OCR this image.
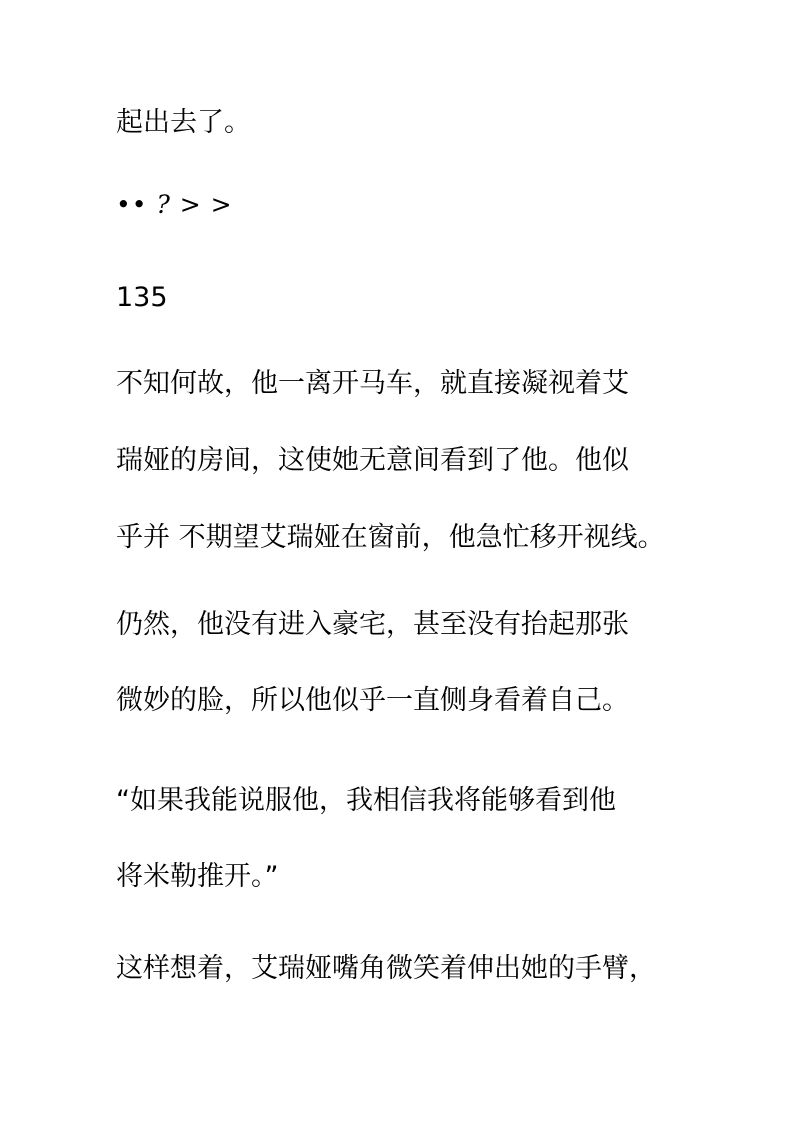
起出去了。
•• ? > >
135
不知何故，他一离开马车，就直接凝视着艾
瑞娅的房间，这使她无意间看到了他。他似
乎并 不期望艾瑞娅在窗前，他急忙移开视线。
仍然，他没有进入豪宅，甚至没有抬起那张
微妙的脸，所以他似乎一直侧身看着自己。
“如果我能说服他，我相信我将能够看到他
将米勒推开。”
这样想着，艾瑞娅嘴角微笑着伸出她的手臂，
